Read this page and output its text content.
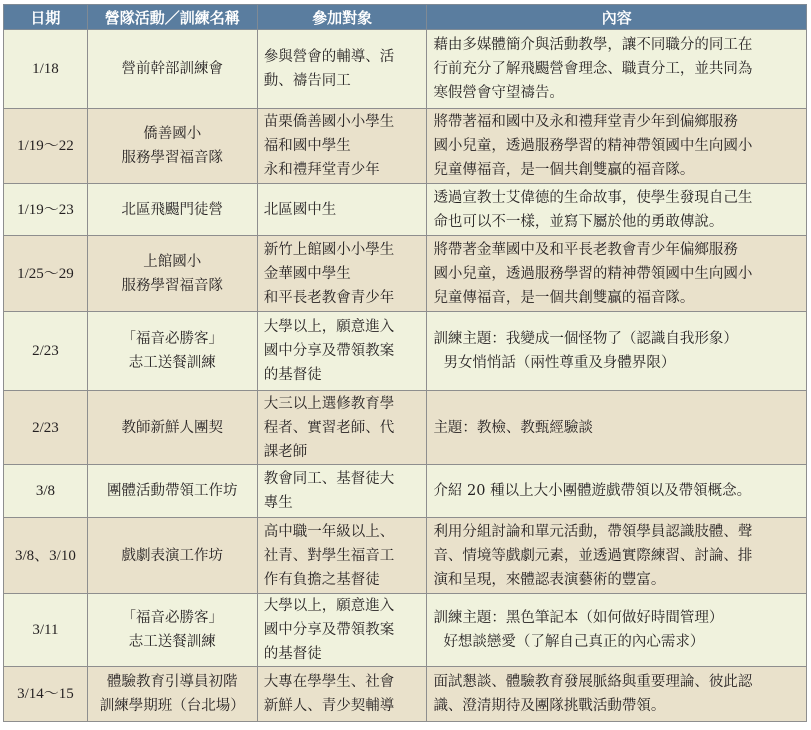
日期	營隊活動／訓練名稱	參加對象	內容

1/18	營前幹部訓練會	參與營會的輔導、活
動、禱告同工	藉由多媒體簡介與活動教學，讓不同職分的同工在
行前充分了解飛颺營會理念、職責分工，並共同為
寒假營會守望禱告。

1/19～22	僑善國小
服務學習福音隊	苗栗僑善國小小學生
福和國中學生
永和禮拜堂青少年	將帶著福和國中及永和禮拜堂青少年到偏鄉服務
國小兒童，透過服務學習的精神帶領國中生向國小
兒童傳福音，是一個共創雙贏的福音隊。

1/19～23	北區飛颺門徒營	北區國中生	透過宣教士艾偉德的生命故事，使學生發現自己生
命也可以不一樣，並寫下屬於他的勇敢傳說。

1/25～29	上館國小
服務學習福音隊	新竹上館國小小學生
金華國中學生
和平長老教會青少年	將帶著金華國中及和平長老教會青少年偏鄉服務
國小兒童，透過服務學習的精神帶領國中生向國小
兒童傳福音，是一個共創雙贏的福音隊。

2/23	「福音必勝客」
志工送餐訓練	大學以上，願意進入
國中分享及帶領教案
的基督徒	訓練主題：我變成一個怪物了（認識自我形象）
男女悄悄話（兩性尊重及身體界限）

2/23	教師新鮮人團契	大三以上選修教育學
程者、實習老師、代
課老師	主題：教檢、教甄經驗談

3/8	團體活動帶領工作坊	教會同工、基督徒大
專生	介紹 20 種以上大小團體遊戲帶領以及帶領概念。

3/8、3/10	戲劇表演工作坊	高中職一年級以上、
社青、對學生福音工
作有負擔之基督徒	利用分組討論和單元活動，帶領學員認識肢體、聲
音、情境等戲劇元素，並透過實際練習、討論、排
演和呈現，來體認表演藝術的豐富。

3/11	「福音必勝客」
志工送餐訓練	大學以上，願意進入
國中分享及帶領教案
的基督徒	訓練主題：黑色筆記本（如何做好時間管理）
好想談戀愛（了解自己真正的內心需求）

3/14～15	體驗教育引導員初階
訓練學期班（台北場）	大專在學學生、社會
新鮮人、青少契輔導	面試懇談、體驗教育發展脈絡與重要理論、彼此認
識、澄清期待及團隊挑戰活動帶領。
